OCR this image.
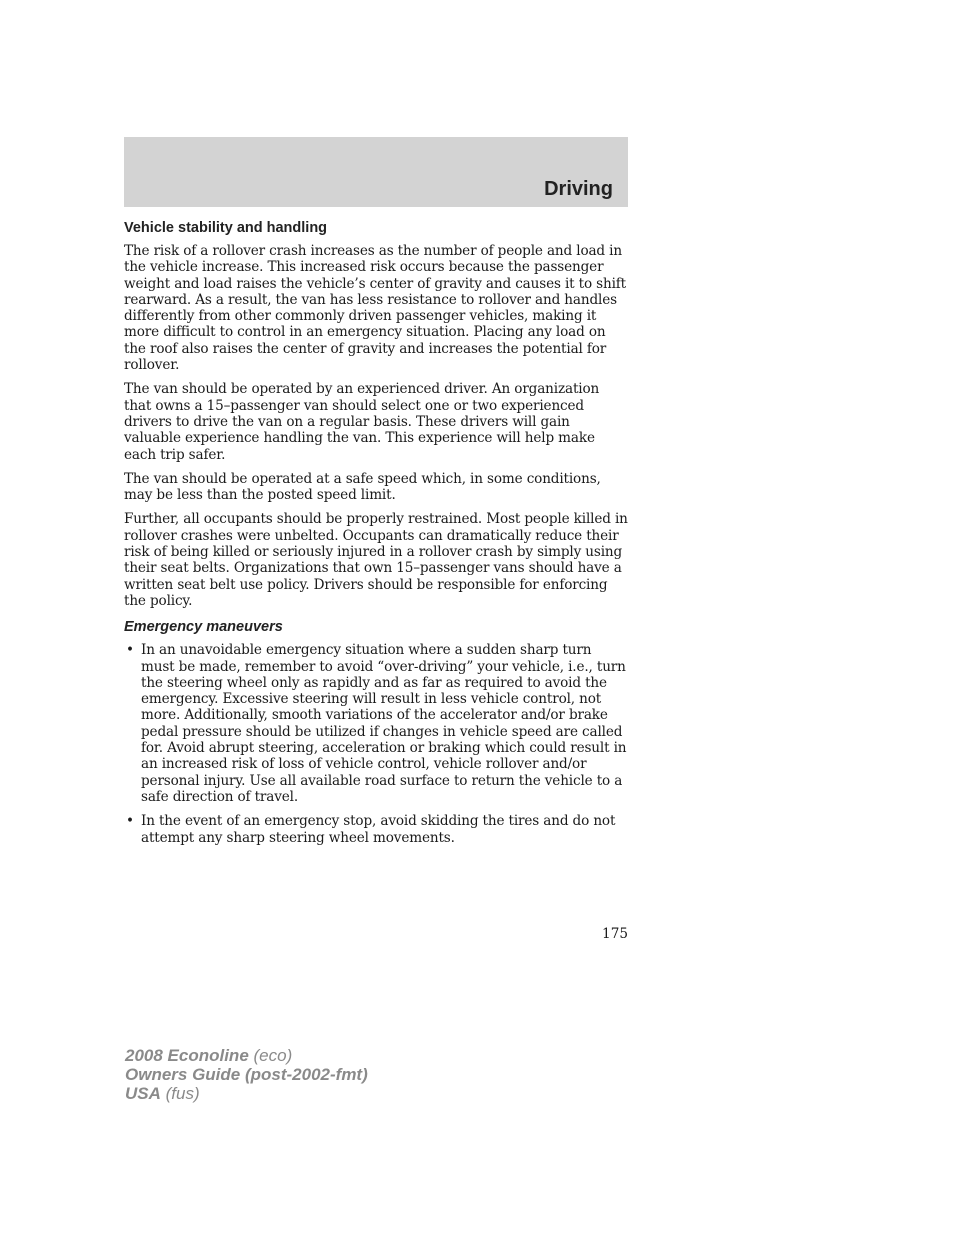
Driving
Vehicle stability and handling

The risk of a rollover crash increases as the number of people and load in the vehicle increase. This increased risk occurs because the passenger weight and load raises the vehicle’s center of gravity and causes it to shift rearward. As a result, the van has less resistance to rollover and handles differently from other commonly driven passenger vehicles, making it more difficult to control in an emergency situation. Placing any load on the roof also raises the center of gravity and increases the potential for rollover.

The van should be operated by an experienced driver. An organization that owns a 15–passenger van should select one or two experienced drivers to drive the van on a regular basis. These drivers will gain valuable experience handling the van. This experience will help make each trip safer.

The van should be operated at a safe speed which, in some conditions, may be less than the posted speed limit.

Further, all occupants should be properly restrained. Most people killed in rollover crashes were unbelted. Occupants can dramatically reduce their risk of being killed or seriously injured in a rollover crash by simply using their seat belts. Organizations that own 15–passenger vans should have a written seat belt use policy. Drivers should be responsible for enforcing the policy.

Emergency maneuvers
• In an unavoidable emergency situation where a sudden sharp turn must be made, remember to avoid “over-driving” your vehicle, i.e., turn the steering wheel only as rapidly and as far as required to avoid the emergency. Excessive steering will result in less vehicle control, not more. Additionally, smooth variations of the accelerator and/or brake pedal pressure should be utilized if changes in vehicle speed are called for. Avoid abrupt steering, acceleration or braking which could result in an increased risk of loss of vehicle control, vehicle rollover and/or personal injury. Use all available road surface to return the vehicle to a safe direction of travel.
• In the event of an emergency stop, avoid skidding the tires and do not attempt any sharp steering wheel movements.
175
2008 Econoline (eco)
Owners Guide (post-2002-fmt)
USA (fus)
